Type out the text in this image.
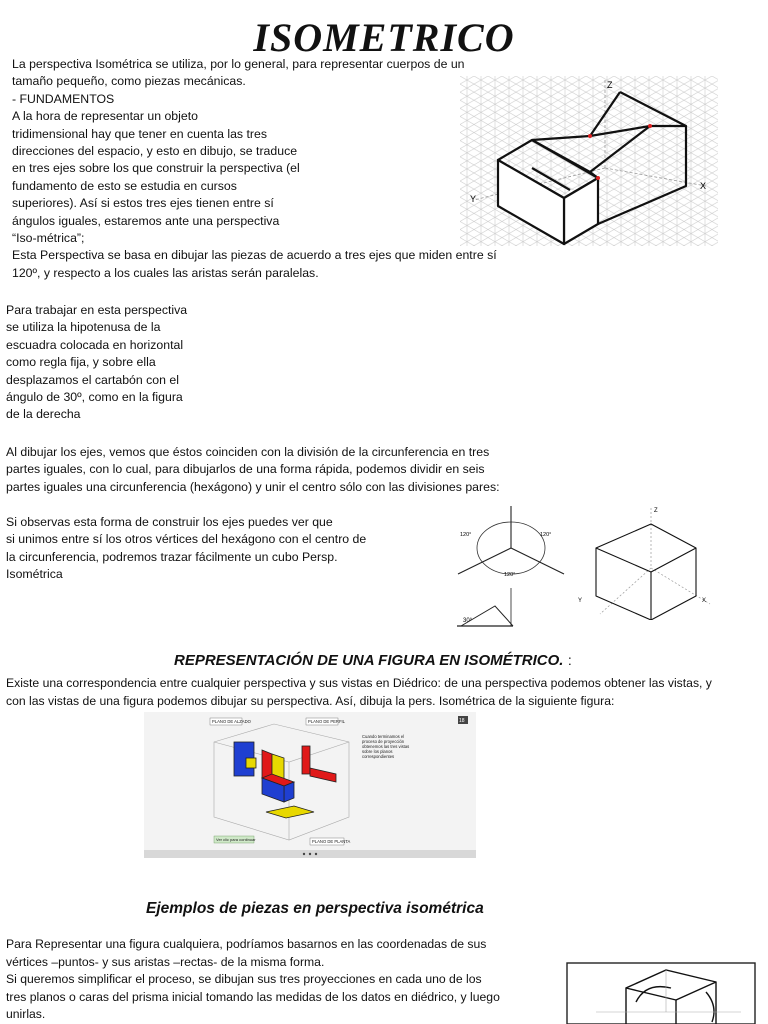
ISOMETRICO
La perspectiva Isométrica se utiliza, por lo general, para representar cuerpos de un
tamaño pequeño, como piezas mecánicas.
- FUNDAMENTOS
A la hora de representar un objeto
tridimensional hay que tener en cuenta las tres
direcciones del espacio, y esto en dibujo, se traduce
en tres ejes sobre los que construir la perspectiva (el
fundamento de esto se estudia en cursos
superiores). Así si estos tres ejes tienen entre sí
ángulos iguales, estaremos ante una perspectiva
“Iso-métrica”;
Esta Perspectiva se basa en dibujar las piezas de acuerdo a tres ejes que miden entre sí
120º, y respecto a los cuales las aristas serán paralelas.
Z
Y
X
Para trabajar en esta perspectiva
se utiliza la hipotenusa de la
escuadra colocada en horizontal
como regla fija, y sobre ella
desplazamos el cartabón con el
ángulo de 30º, como en la figura
de la derecha
Al dibujar los ejes, vemos que éstos coinciden con la división de la circunferencia en tres
partes iguales, con lo cual, para dibujarlos de una forma rápida, podemos dividir en seis
partes iguales una circunferencia (hexágono) y unir el centro sólo con las divisiones pares:
Si observas esta forma de construir los ejes puedes ver que
si unimos entre sí los otros vértices del hexágono con el centro de
la circunferencia, podremos trazar fácilmente un cubo Persp.
Isométrica
120°	120°
120°
30°
Z
X
Y
REPRESENTACIÓN DE UNA FIGURA EN ISOMÉTRICO. :
Existe una correspondencia entre cualquier perspectiva y sus vistas en Diédrico: de una perspectiva podemos obtener las vistas, y
con las vistas de una figura podemos dibujar su perspectiva. Así, dibuja la pers. Isométrica de la siguiente figura:
PLANO DE ALZADO	PLANO DE PERFIL
PLANO DE PLANTA
Cuando terminamos el
proceso de proyección
obtenemos las tres vistas
sobre los planos
correspondientes
Ver clic para continuar
18
Ejemplos de piezas en perspectiva isométrica
Para Representar una figura cualquiera, podríamos basarnos en las coordenadas de sus
vértices –puntos- y sus aristas –rectas- de la misma forma.
Si queremos simplificar el proceso, se dibujan sus tres proyecciones en cada uno de los
tres planos o caras del prisma inicial tomando las medidas de los datos en diédrico, y luego
unirlas.
